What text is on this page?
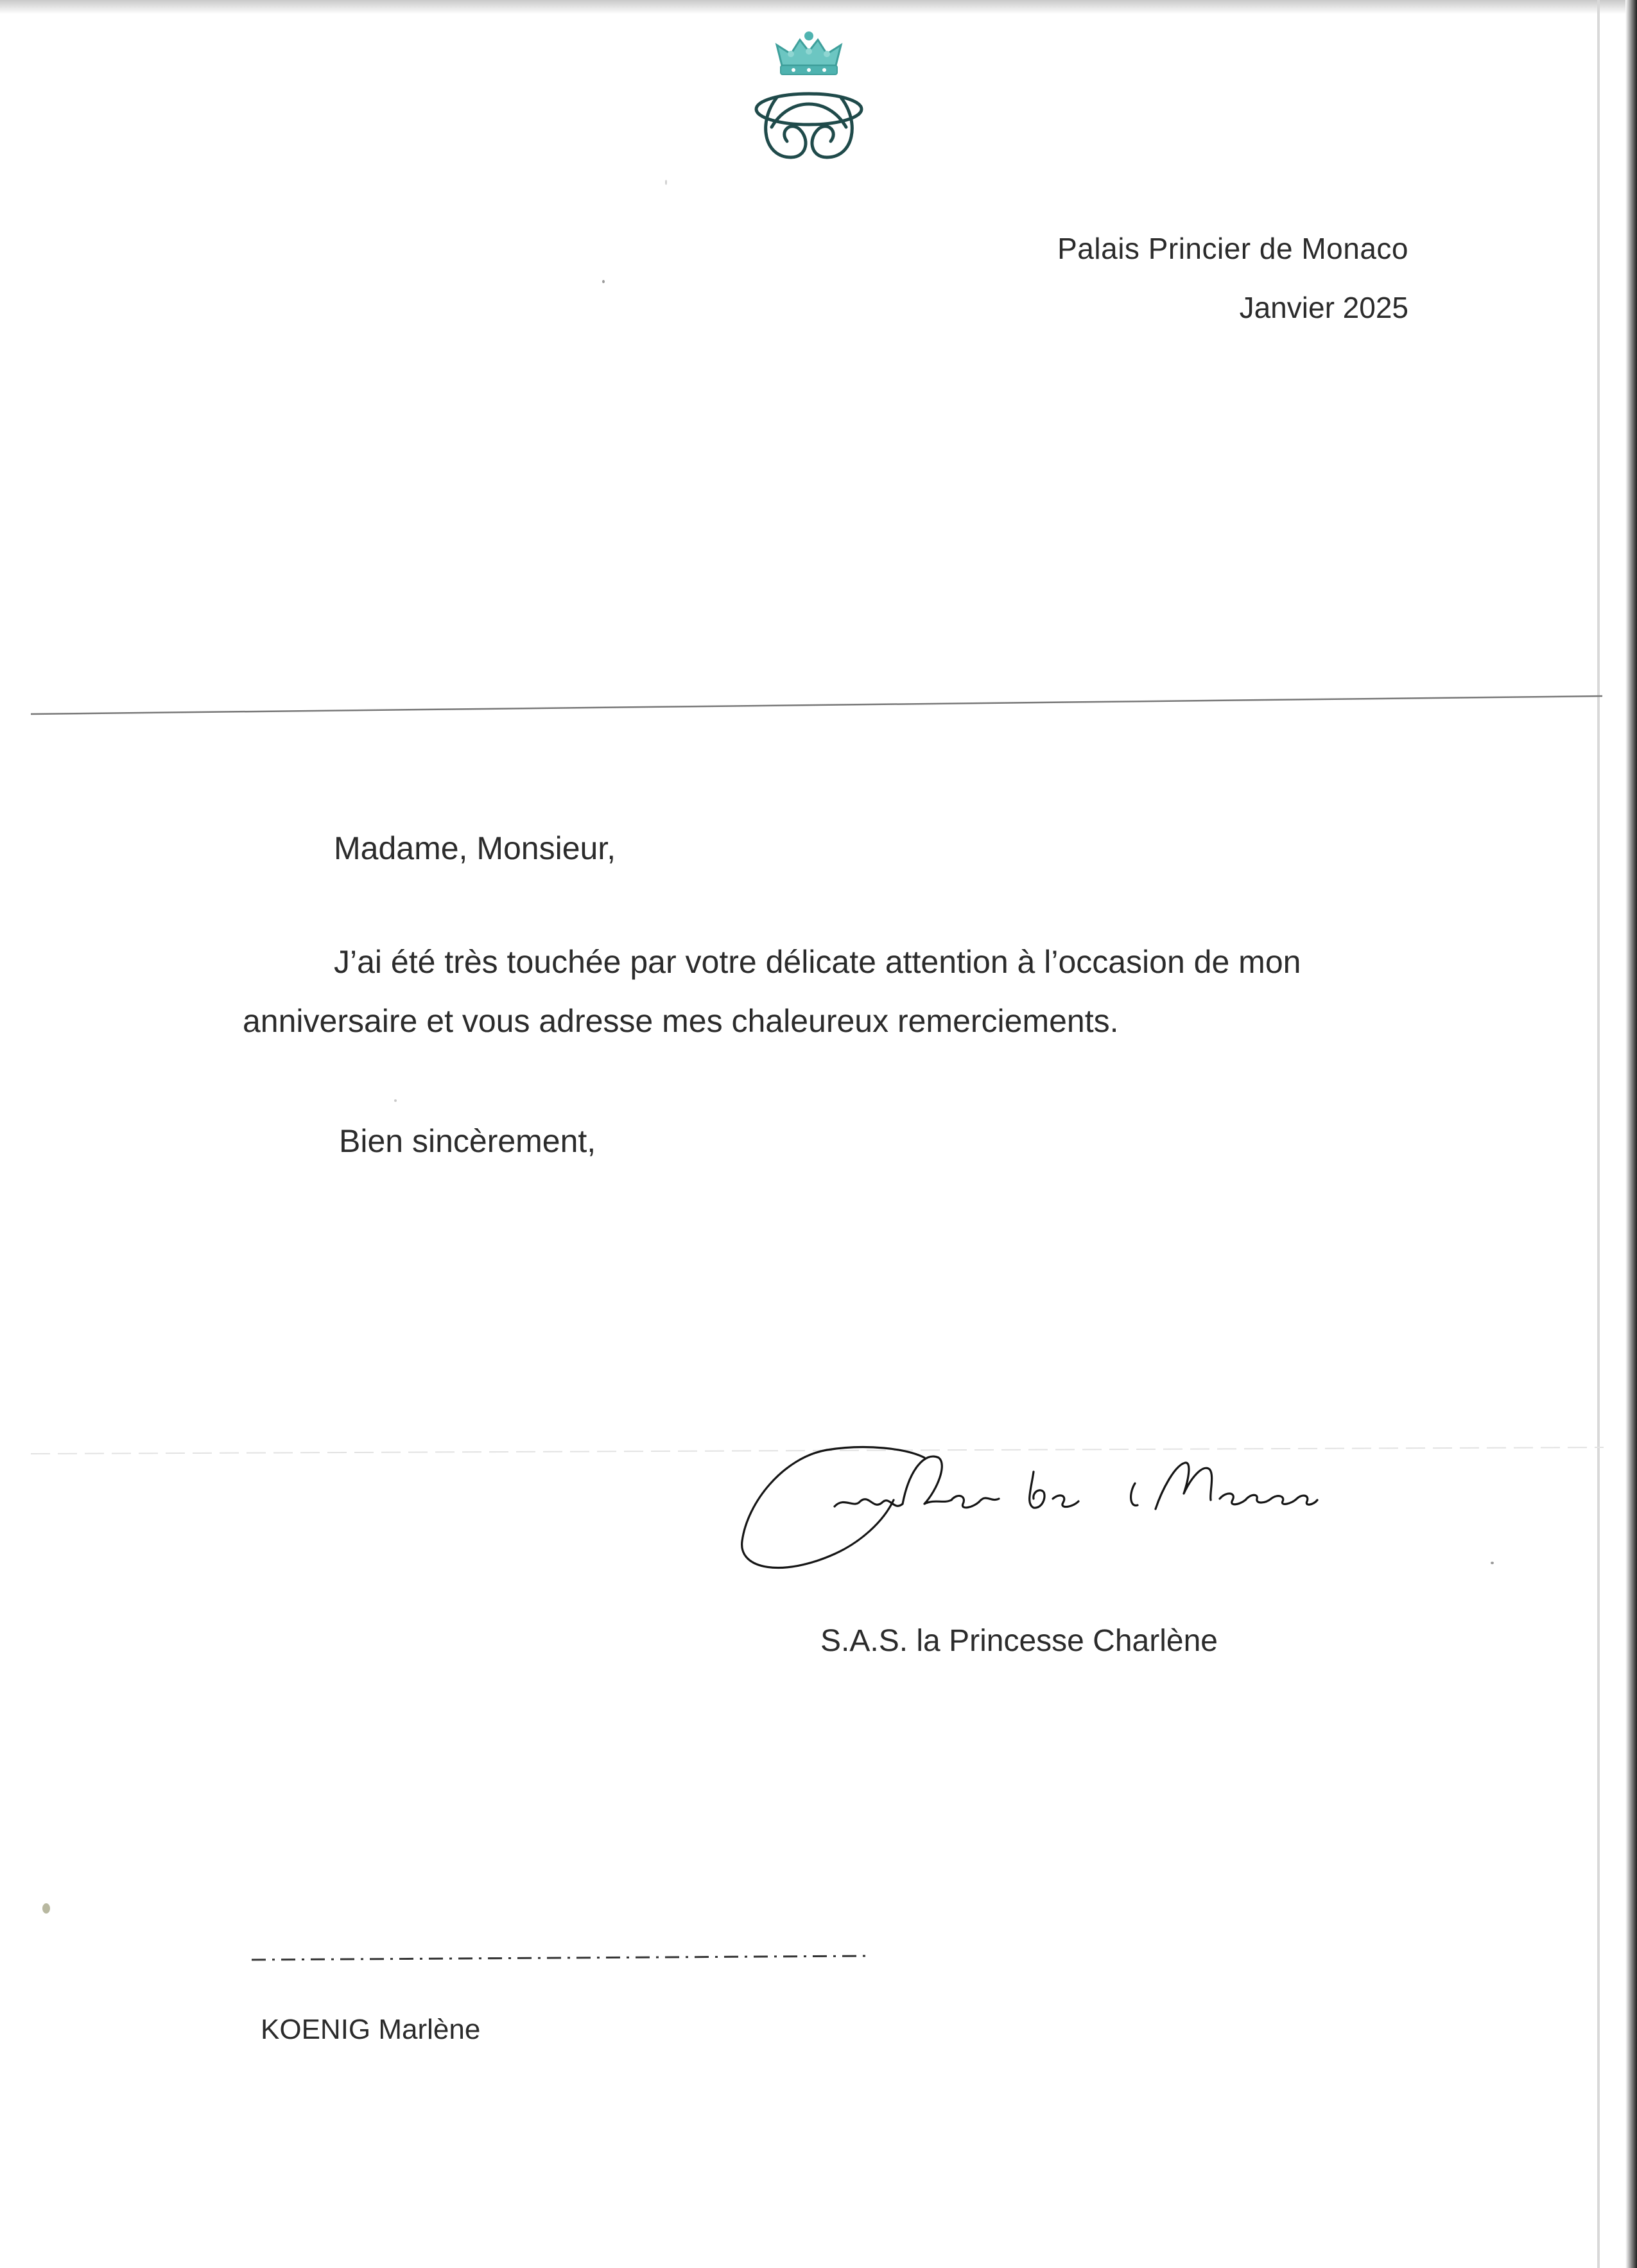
Palais Princier de Monaco
Janvier 2025
Madame, Monsieur,
J’ai été très touchée par votre délicate attention à l’occasion de mon anniversaire et vous adresse mes chaleureux remerciements.
Bien sincèrement,
S.A.S. la Princesse Charlène
KOENIG Marlène
